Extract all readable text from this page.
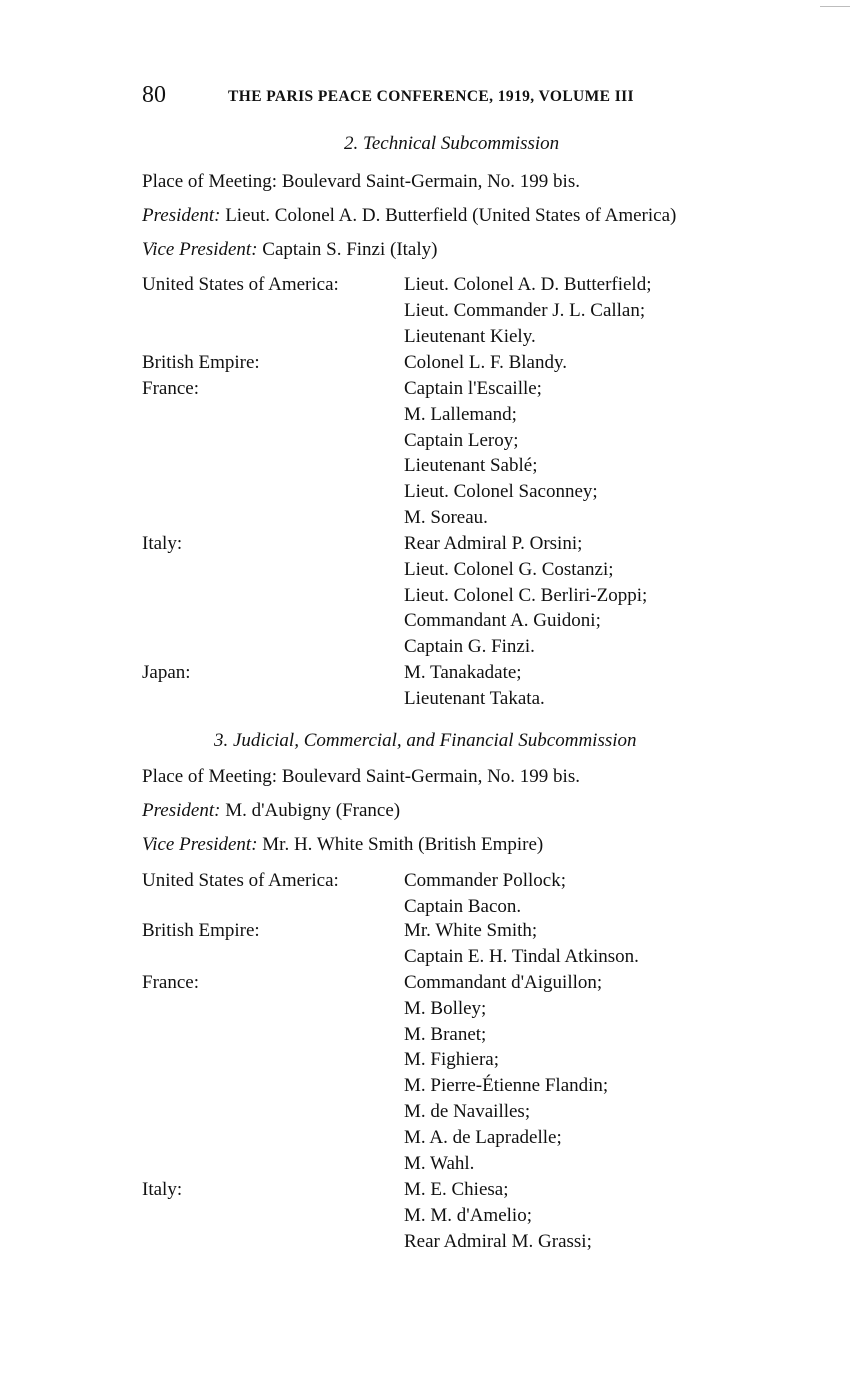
80	THE PARIS PEACE CONFERENCE, 1919, VOLUME III
2. Technical Subcommission
Place of Meeting: Boulevard Saint-Germain, No. 199 bis.
President: Lieut. Colonel A. D. Butterfield (United States of America)
Vice President: Captain S. Finzi (Italy)
United States of America:	Lieut. Colonel A. D. Butterfield;
Lieut. Commander J. L. Callan;
Lieutenant Kiely.
British Empire:	Colonel L. F. Blandy.
France:	Captain l'Escaille;
M. Lallemand;
Captain Leroy;
Lieutenant Sablé;
Lieut. Colonel Saconney;
M. Soreau.
Italy:	Rear Admiral P. Orsini;
Lieut. Colonel G. Costanzi;
Lieut. Colonel C. Berliri-Zoppi;
Commandant A. Guidoni;
Captain G. Finzi.
Japan:	M. Tanakadate;
Lieutenant Takata.
3. Judicial, Commercial, and Financial Subcommission
Place of Meeting: Boulevard Saint-Germain, No. 199 bis.
President: M. d'Aubigny (France)
Vice President: Mr. H. White Smith (British Empire)
United States of America:	Commander Pollock;
Captain Bacon.
British Empire:	Mr. White Smith;
Captain E. H. Tindal Atkinson.
France:	Commandant d'Aiguillon;
M. Bolley;
M. Branet;
M. Fighiera;
M. Pierre-Étienne Flandin;
M. de Navailles;
M. A. de Lapradelle;
M. Wahl.
Italy:	M. E. Chiesa;
M. M. d'Amelio;
Rear Admiral M. Grassi;
